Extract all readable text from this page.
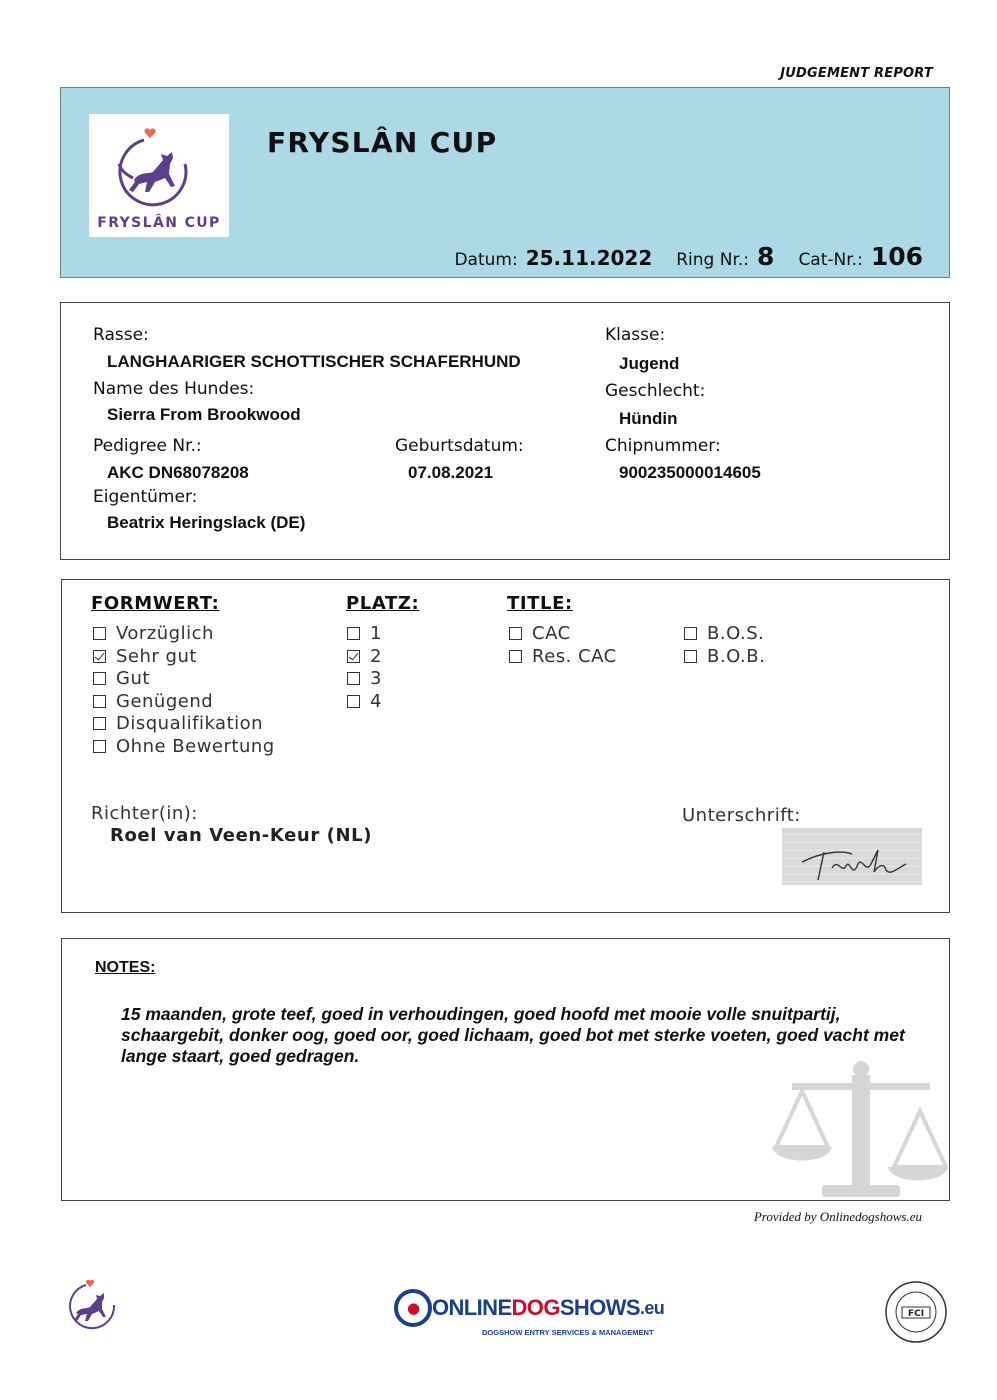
JUDGEMENT REPORT
FRYSLÂN CUP
FRYSLÂN CUP
Datum: 25.11.2022 Ring Nr.: 8 Cat-Nr.: 106
Rasse:
LANGHAARIGER SCHOTTISCHER SCHAFERHUND
Name des Hundes:
Sierra From Brookwood
Pedigree Nr.:
AKC DN68078208
Eigentümer:
Beatrix Heringslack (DE)
Geburtsdatum:
07.08.2021
Klasse:
Jugend
Geschlecht:
Hündin
Chipnummer:
900235000014605
FORMWERT:	PLATZ:	TITLE:
Vorzüglich
Sehr gut
Gut
Genügend
Disqualifikation
Ohne Bewertung
1
2
3
4
CAC
Res. CAC
B.O.S.
B.O.B.
Richter(in):
Roel van Veen-Keur (NL)
Unterschrift:
NOTES:
15 maanden, grote teef, goed in verhoudingen, goed hoofd met mooie volle snuitpartij, schaargebit, donker oog, goed oor, goed lichaam, goed bot met sterke voeten, goed vacht met lange staart, goed gedragen.
Provided by Onlinedogshows.eu
● ONLINE DOG SHOWS .eu
DOGSHOW ENTRY SERVICES & MANAGEMENT
FCI
